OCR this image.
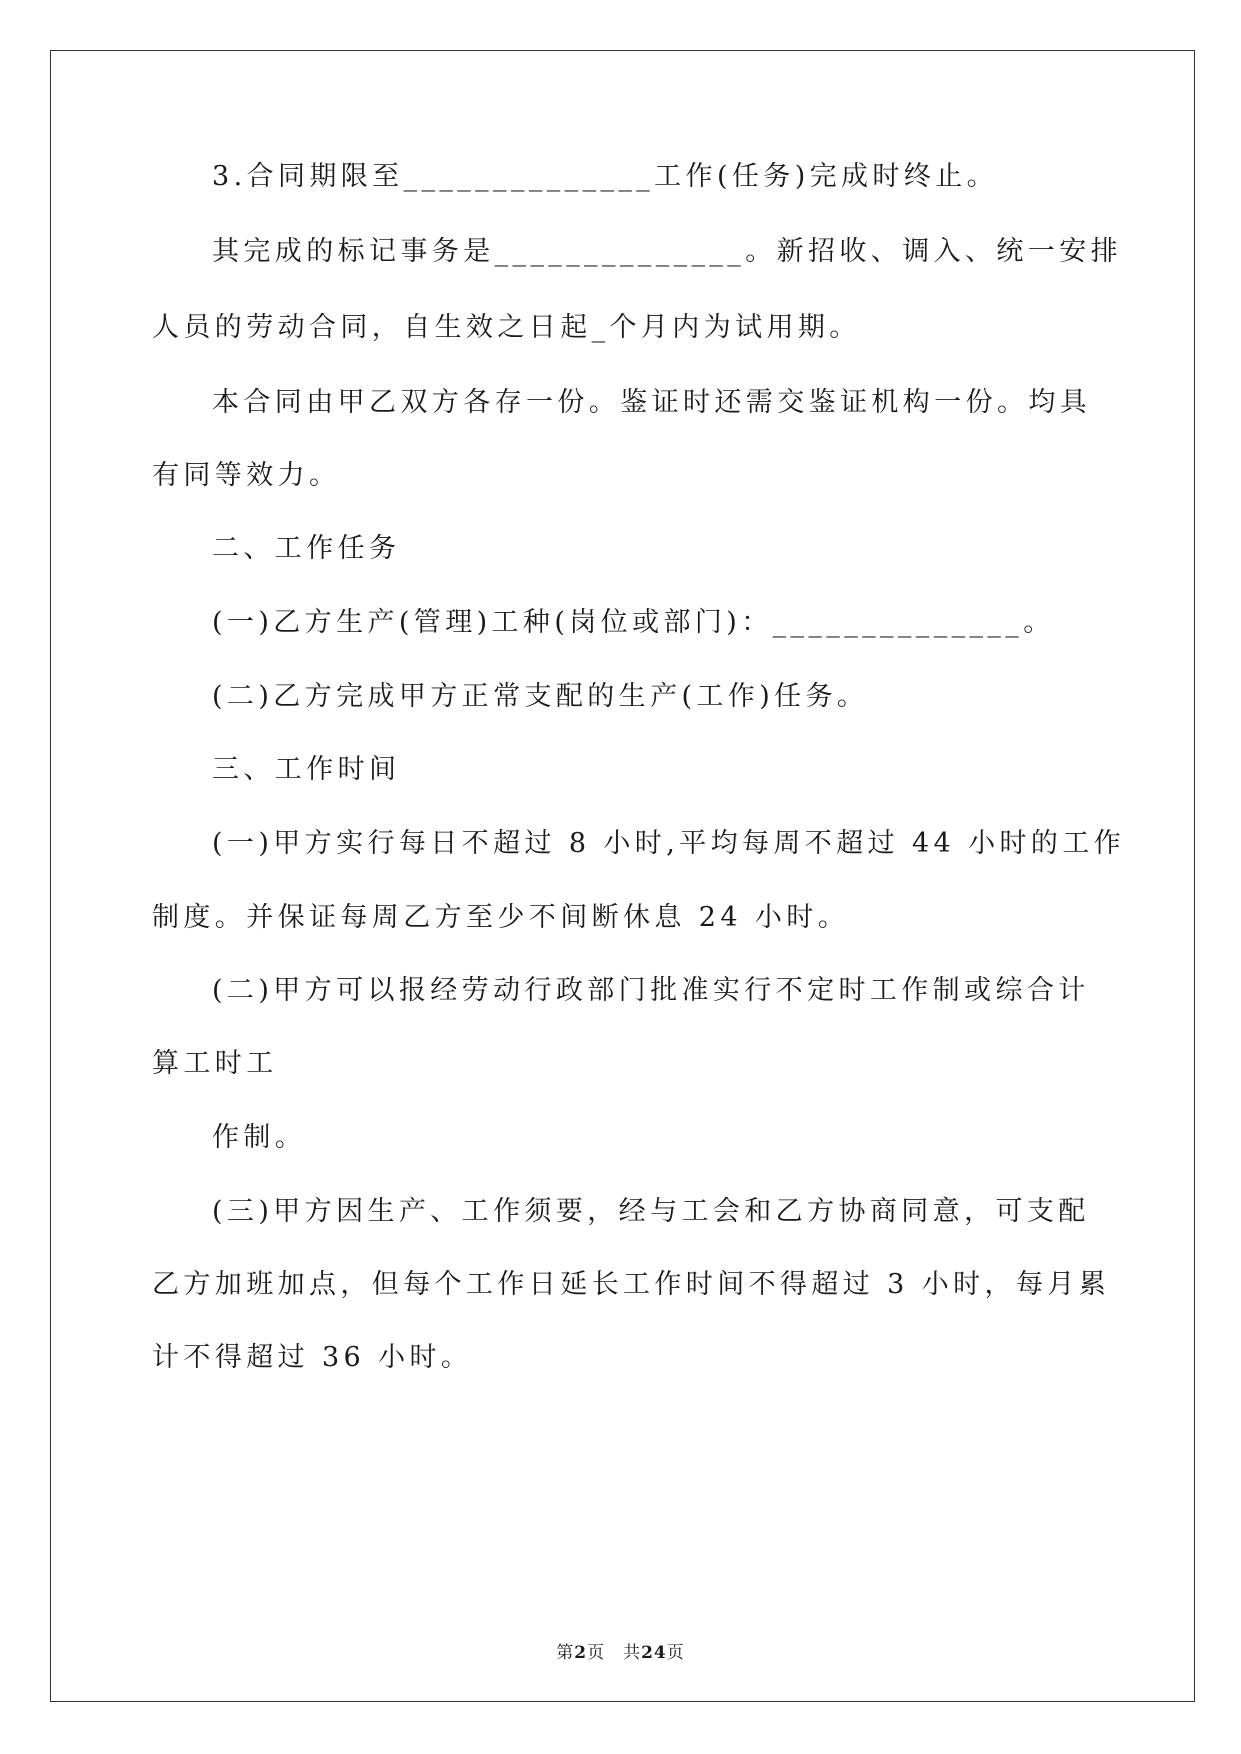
3.合同期限至______________工作(任务)完成时终止。
其完成的标记事务是______________。新招收、调入、统一安排
人员的劳动合同，自生效之日起_个月内为试用期。
本合同由甲乙双方各存一份。鉴证时还需交鉴证机构一份。均具
有同等效力。
二、工作任务
(一)乙方生产(管理)工种(岗位或部门)：______________。
(二)乙方完成甲方正常支配的生产(工作)任务。
三、工作时间
(一)甲方实行每日不超过 8 小时,平均每周不超过 44 小时的工作
制度。并保证每周乙方至少不间断休息 24 小时。
(二)甲方可以报经劳动行政部门批准实行不定时工作制或综合计
算工时工
作制。
(三)甲方因生产、工作须要，经与工会和乙方协商同意，可支配
乙方加班加点，但每个工作日延长工作时间不得超过 3 小时，每月累
计不得超过 36 小时。
第2页　共24页
